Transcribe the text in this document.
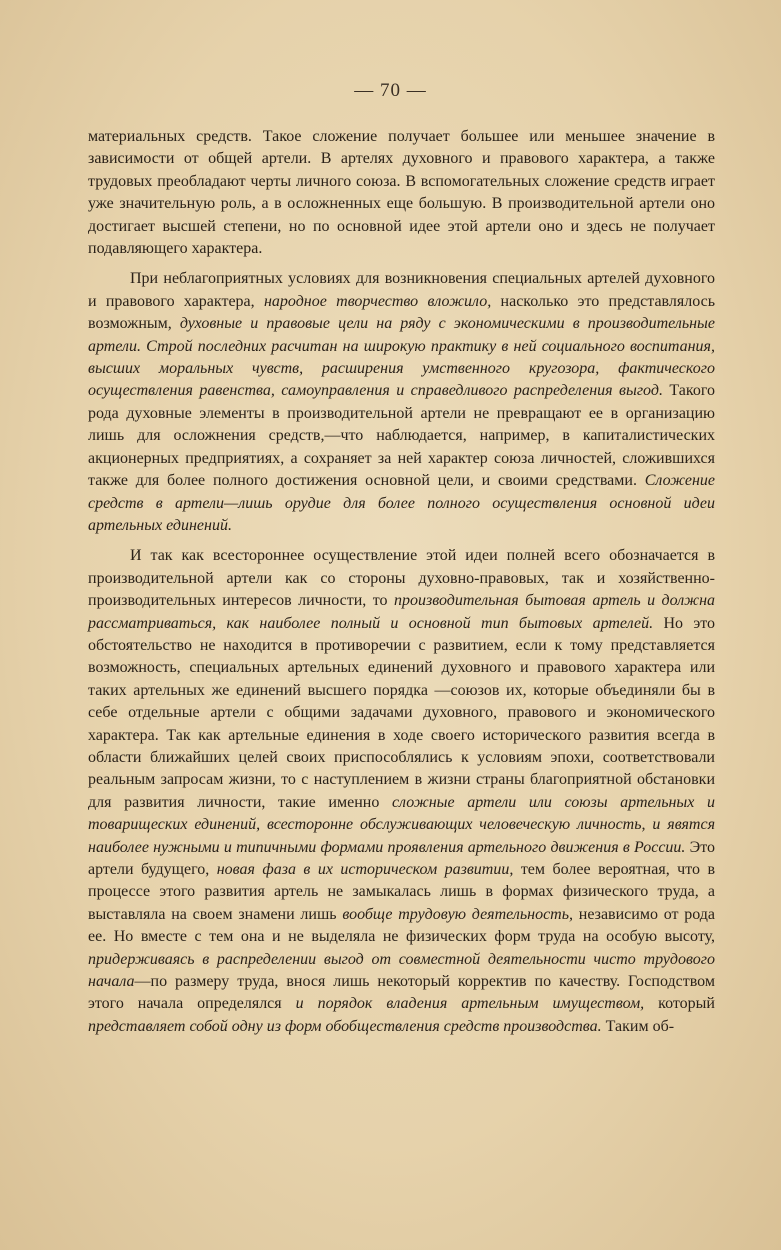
— 70 —

материальных средств. Такое сложение получает большее или меньшее значение в зависимости от общей артели. В артелях духовного и правового характера, а также трудовых преобладают черты личного союза. В вспомогательных сложение средств играет уже значительную роль, а в осложненных еще большую. В производительной артели оно достигает высшей степени, но по основной идее этой артели оно и здесь не получает подавляющего характера.

При неблагоприятных условиях для возникновения специальных артелей духовного и правового характера, народное творчество вложило, насколько это представлялось возможным, духовные и правовые цели на ряду с экономическими в производительные артели. Строй последних расчитан на широкую практику в ней социального воспитания, высших моральных чувств, расширения умственного кругозора, фактического осуществления равенства, самоуправления и справедливого распределения выгод. Такого рода духовные элементы в производительной артели не превращают ее в организацию лишь для осложнения средств,—что наблюдается, например, в капиталистических акционерных предприятиях, а сохраняет за ней характер союза личностей, сложившихся также для более полного достижения основной цели, и своими средствами. Сложение средств в артели—лишь орудие для более полного осуществления основной идеи артельных единений.

И так как всестороннее осуществление этой идеи полней всего обозначается в производительной артели как со стороны духовно-правовых, так и хозяйственно-производительных интересов личности, то производительная бытовая артель и должна рассматриваться, как наиболее полный и основной тип бытовых артелей. Но это обстоятельство не находится в противоречии с развитием, если к тому представляется возможность, специальных артельных единений духовного и правового характера или таких артельных же единений высшего порядка —союзов их, которые объединяли бы в себе отдельные артели с общими задачами духовного, правового и экономического характера. Так как артельные единения в ходе своего исторического развития всегда в области ближайших целей своих приспособлялись к условиям эпохи, соответствовали реальным запросам жизни, то с наступлением в жизни страны благоприятной обстановки для развития личности, такие именно сложные артели или союзы артельных и товарищеских единений, всесторонне обслуживающих человеческую личность, и явятся наиболее нужными и типичными формами проявления артельного движения в России. Это артели будущего, новая фаза в их историческом развитии, тем более вероятная, что в процессе этого развития артель не замыкалась лишь в формах физического труда, а выставляла на своем знамени лишь вообще трудовую деятельность, независимо от рода ее. Но вместе с тем она и не выделяла не физических форм труда на особую высоту, придерживаясь в распределении выгод от совместной деятельности чисто трудового начала—по размеру труда, внося лишь некоторый корректив по качеству. Господством этого начала определялся и порядок владения артельным имуществом, который представляет собой одну из форм обобществления средств производства. Таким об-
